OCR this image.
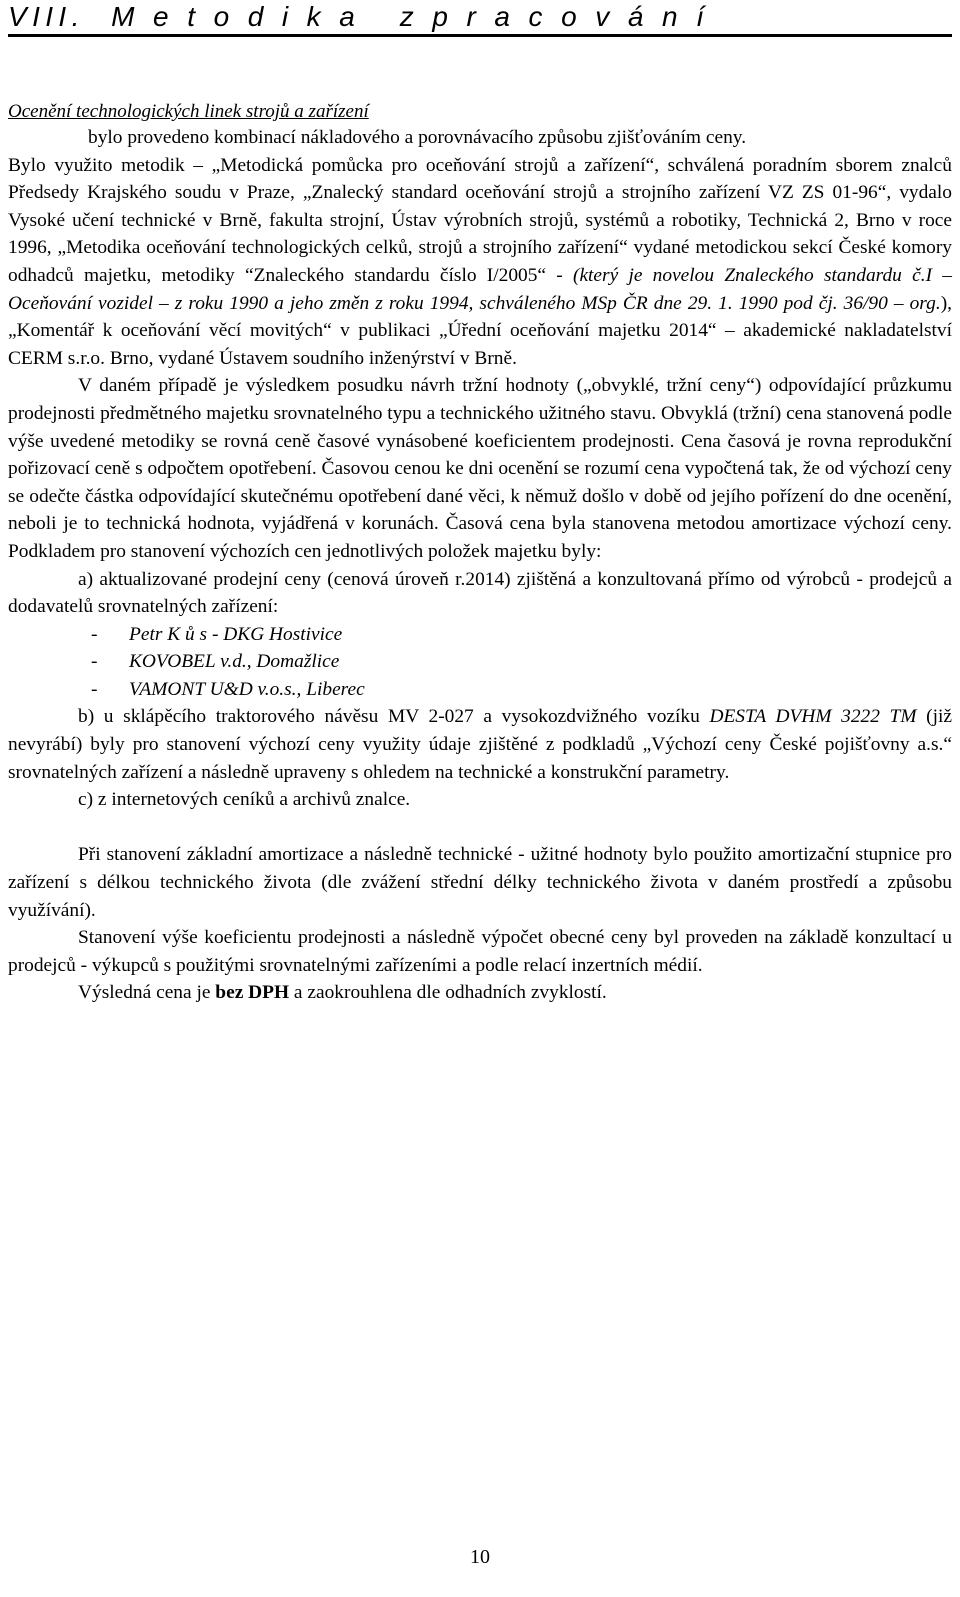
VIII. M e t o d i k a   z p r a c o v á n í
Ocenění technologických linek strojů a zařízení

bylo provedeno kombinací nákladového a porovnávacího způsobu zjišťováním ceny.

Bylo využito metodik – „Metodická pomůcka pro oceňování strojů a zařízení“, schválená poradním sborem znalců Předsedy Krajského soudu v Praze, „Znalecký standard oceňování strojů a strojního zařízení VZ ZS 01-96“, vydalo Vysoké učení technické v Brně, fakulta strojní, Ústav výrobních strojů, systémů a robotiky, Technická 2, Brno v roce 1996, „Metodika oceňování technologických celků, strojů a strojního zařízení“ vydané metodickou sekcí České komory odhadců majetku, metodiky “Znaleckého standardu číslo I/2005“ - (který je novelou Znaleckého standardu č.I – Oceňování vozidel – z roku 1990 a jeho změn z roku 1994, schváleného MSp ČR dne 29. 1. 1990 pod čj. 36/90 – org.), „Komentář k oceňování věcí movitých“ v publikaci „Úřední oceňování majetku 2014“ – akademické nakladatelství CERM s.r.o. Brno, vydané Ústavem soudního inženýrství v Brně.

V daném případě je výsledkem posudku návrh tržní hodnoty („obvyklé, tržní ceny“) odpovídající průzkumu prodejnosti předmětného majetku srovnatelného typu a technického užitného stavu. Obvyklá (tržní) cena stanovená podle výše uvedené metodiky se rovná ceně časové vynásobené koeficientem prodejnosti. Cena časová je rovna reprodukční pořizovací ceně s odpočtem opotřebení. Časovou cenou ke dni ocenění se rozumí cena vypočtená tak, že od výchozí ceny se odečte částka odpovídající skutečnému opotřebení dané věci, k němuž došlo v době od jejího pořízení do dne ocenění, neboli je to technická hodnota, vyjádřená v korunách. Časová cena byla stanovena metodou amortizace výchozí ceny. Podkladem pro stanovení výchozích cen jednotlivých položek majetku byly:

a) aktualizované prodejní ceny (cenová úroveň r.2014) zjištěná a konzultovaná přímo od výrobců - prodejců a dodavatelů srovnatelných zařízení:

- Petr K ů s - DKG Hostivice
- KOVOBEL v.d., Domažlice
- VAMONT U&D v.o.s., Liberec

b) u sklápěcího traktorového návěsu MV 2-027 a vysokozdvižného vozíku DESTA DVHM 3222 TM (již nevyrábí) byly pro stanovení výchozí ceny využity údaje zjištěné z podkladů „Výchozí ceny České pojišťovny a.s.“ srovnatelných zařízení a následně upraveny s ohledem na technické a konstrukční parametry.

c) z internetových ceníků a archivů znalce.

Při stanovení základní amortizace a následně technické - užitné hodnoty bylo použito amortizační stupnice pro zařízení s délkou technického života (dle zvážení střední délky technického života v daném prostředí a způsobu využívání).

Stanovení výše koeficientu prodejnosti a následně výpočet obecné ceny byl proveden na základě konzultací u prodejců - výkupců s použitými srovnatelnými zařízeními a podle relací inzertních médií.

Výsledná cena je bez DPH a zaokrouhlena dle odhadních zvyklostí.

10
